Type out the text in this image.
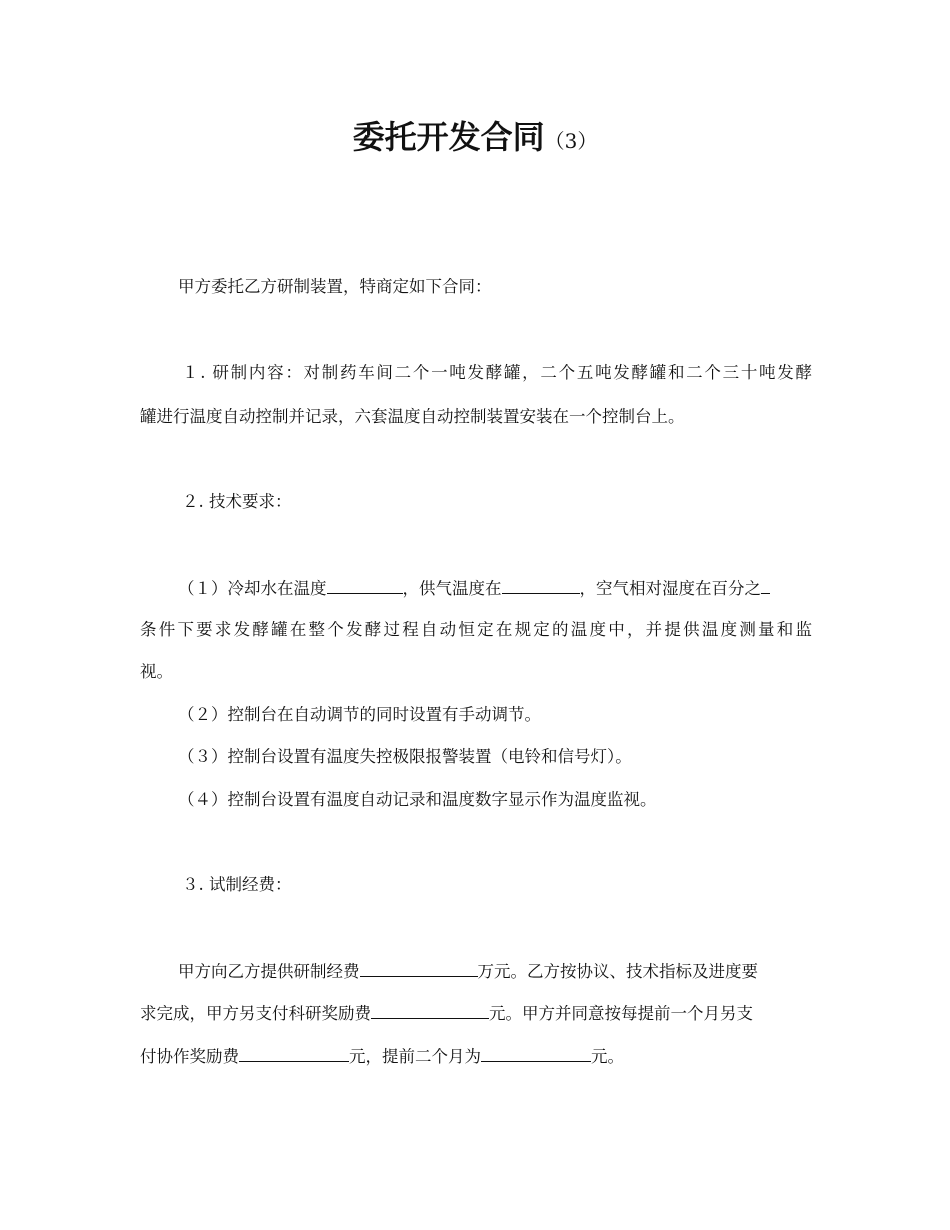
委托开发合同（3）
甲方委托乙方研制装置，特商定如下合同：
１. 研制内容：对制药车间二个一吨发酵罐，二个五吨发酵罐和二个三十吨发酵
罐进行温度自动控制并记录，六套温度自动控制装置安装在一个控制台上。
２. 技术要求：
（１）冷却水在温度	，供气温度在	，空气相对湿度在百分之
条件下要求发酵罐在整个发酵过程自动恒定在规定的温度中，并提供温度测量和监
视。
（２）控制台在自动调节的同时设置有手动调节。
（３）控制台设置有温度失控极限报警装置（电铃和信号灯）。
（４）控制台设置有温度自动记录和温度数字显示作为温度监视。
３. 试制经费：
甲方向乙方提供研制经费	万元。乙方按协议、技术指标及进度要
求完成，甲方另支付科研奖励费	元。甲方并同意按每提前一个月另支
付协作奖励费	元，提前二个月为	元。
